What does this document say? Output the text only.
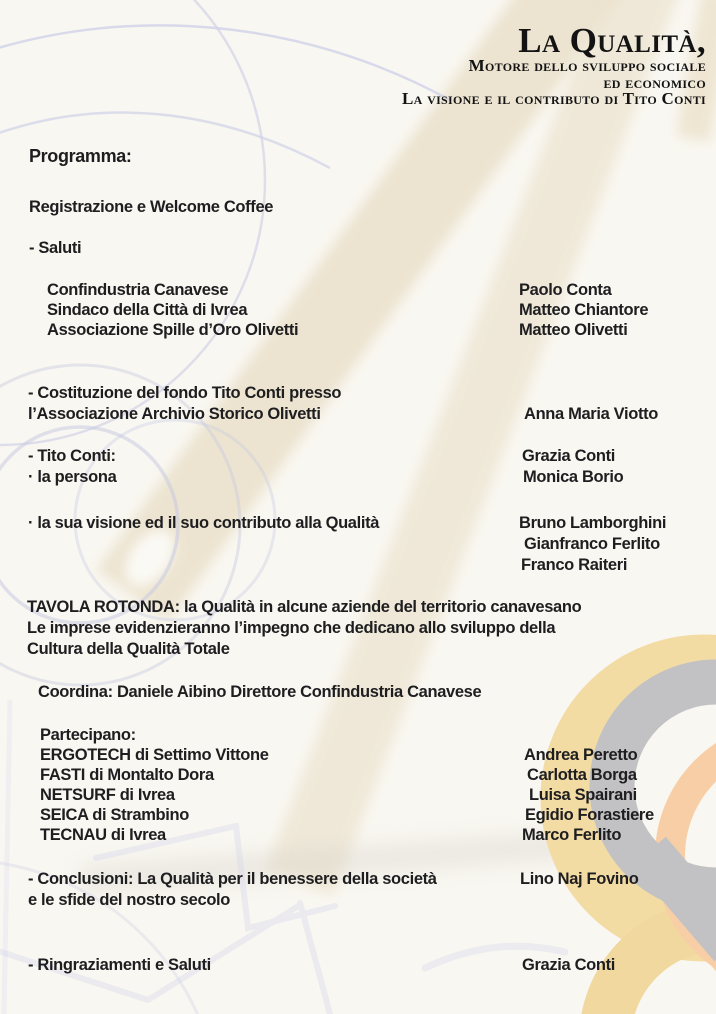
La Qualità,
Motore dello sviluppo sociale
ed economico
La visione e il contributo di Tito Conti
Programma:
Registrazione e Welcome Coffee
- Saluti
Confindustria Canavese	Paolo Conta
Sindaco della Città di Ivrea	Matteo Chiantore
Associazione Spille d’Oro Olivetti	Matteo Olivetti
- Costituzione del fondo Tito Conti presso
l’Associazione Archivio Storico Olivetti	Anna Maria Viotto
- Tito Conti:	Grazia Conti
· la persona	Monica Borio
· la sua visione ed il suo contributo alla Qualità	Bruno Lamborghini
Gianfranco Ferlito
Franco Raiteri
TAVOLA ROTONDA: la Qualità in alcune aziende del territorio canavesano
Le imprese evidenzieranno l’impegno che dedicano allo sviluppo della
Cultura della Qualità Totale
Coordina: Daniele Aibino Direttore Confindustria Canavese
Partecipano:
ERGOTECH di Settimo Vittone	Andrea Peretto
FASTI di Montalto Dora	Carlotta Borga
NETSURF di Ivrea	Luisa Spairani
SEICA di Strambino	Egidio Forastiere
TECNAU di Ivrea	Marco Ferlito
- Conclusioni: La Qualità per il benessere della società	Lino Naj Fovino
e le sfide del nostro secolo
- Ringraziamenti e Saluti	Grazia Conti
